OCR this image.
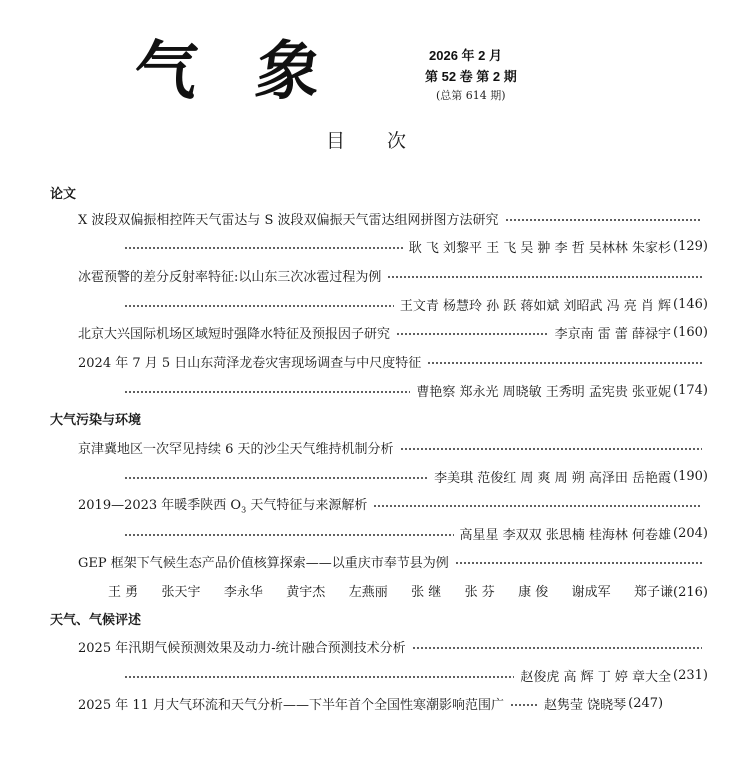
气 象	2026 年 2 月
第 52 卷 第 2 期
(总第 614 期)
目 次
论文
X 波段双偏振相控阵天气雷达与 S 波段双偏振天气雷达组网拼图方法研究
耿 飞 刘黎平 王 飞 吴 翀 李 哲 吴林林 朱家杉 (129)
冰雹预警的差分反射率特征:以山东三次冰雹过程为例
王文青 杨慧玲 孙 跃 蒋如斌 刘昭武 冯 亮 肖 辉 (146)
北京大兴国际机场区域短时强降水特征及预报因子研究	李京南 雷 蕾 薛禄宇 (160)
2024 年 7 月 5 日山东菏泽龙卷灾害现场调查与中尺度特征
曹艳察 郑永光 周晓敏 王秀明 孟宪贵 张亚妮 (174)
大气污染与环境
京津冀地区一次罕见持续 6 天的沙尘天气维持机制分析
李美琪 范俊红 周 爽 周 朔 高泽田 岳艳霞 (190)
2019—2023 年暖季陕西 $O_3$ 天气特征与来源解析
高星星 李双双 张思楠 桂海林 何卷雄 (204)
GEP 框架下气候生态产品价值核算探索——以重庆市奉节县为例
王 勇 张天宇 李永华 黄宇杰 左燕丽 张 继 张 芬 康 俊 谢成军 郑子谦(216)
天气、气候评述
2025 年汛期气候预测效果及动力-统计融合预测技术分析
赵俊虎 高 辉 丁 婷 章大全 (231)
2025 年 11 月大气环流和天气分析——下半年首个全国性寒潮影响范围广	赵隽莹 饶晓琴 (247)
